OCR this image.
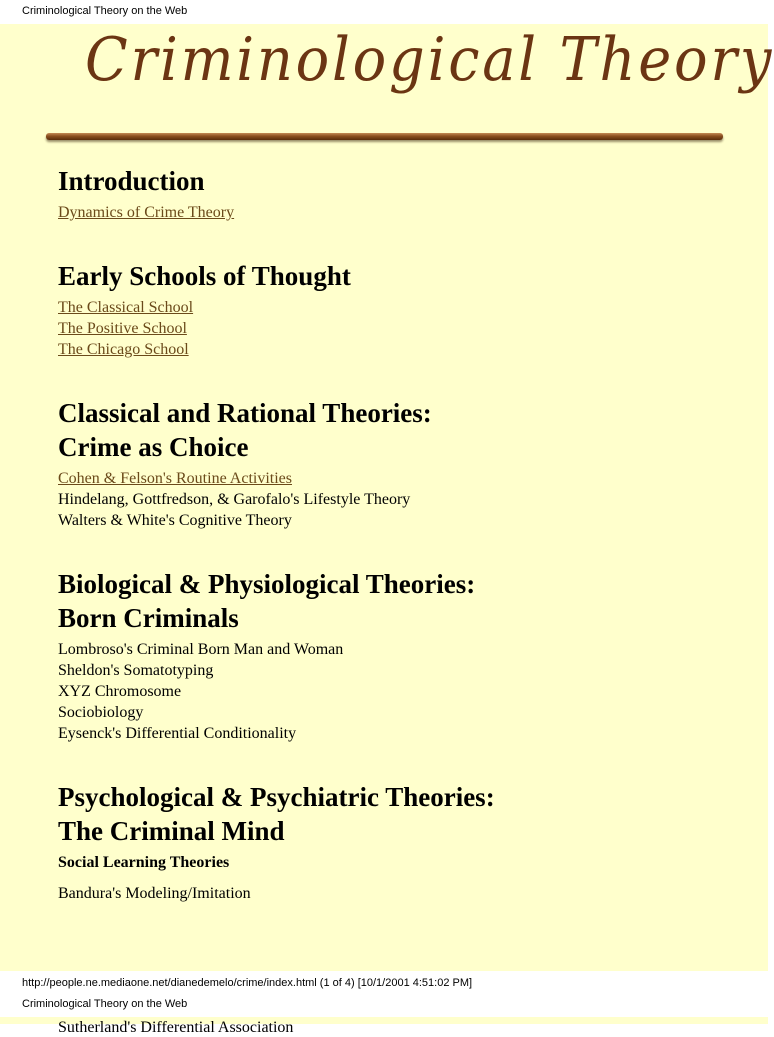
Criminological Theory on the Web
Criminological Theory
Introduction
Dynamics of Crime Theory
Early Schools of Thought
The Classical School
The Positive School
The Chicago School
Classical and Rational Theories:
Crime as Choice
Cohen & Felson's Routine Activities
Hindelang, Gottfredson, & Garofalo's Lifestyle Theory
Walters & White's Cognitive Theory
Biological & Physiological Theories:
Born Criminals
Lombroso's Criminal Born Man and Woman
Sheldon's Somatotyping
XYZ Chromosome
Sociobiology
Eysenck's Differential Conditionality
Psychological & Psychiatric Theories:
The Criminal Mind
Social Learning Theories
Bandura's Modeling/Imitation
http://people.ne.mediaone.net/dianedemelo/crime/index.html (1 of 4) [10/1/2001 4:51:02 PM]
Criminological Theory on the Web
Sutherland's Differential Association
